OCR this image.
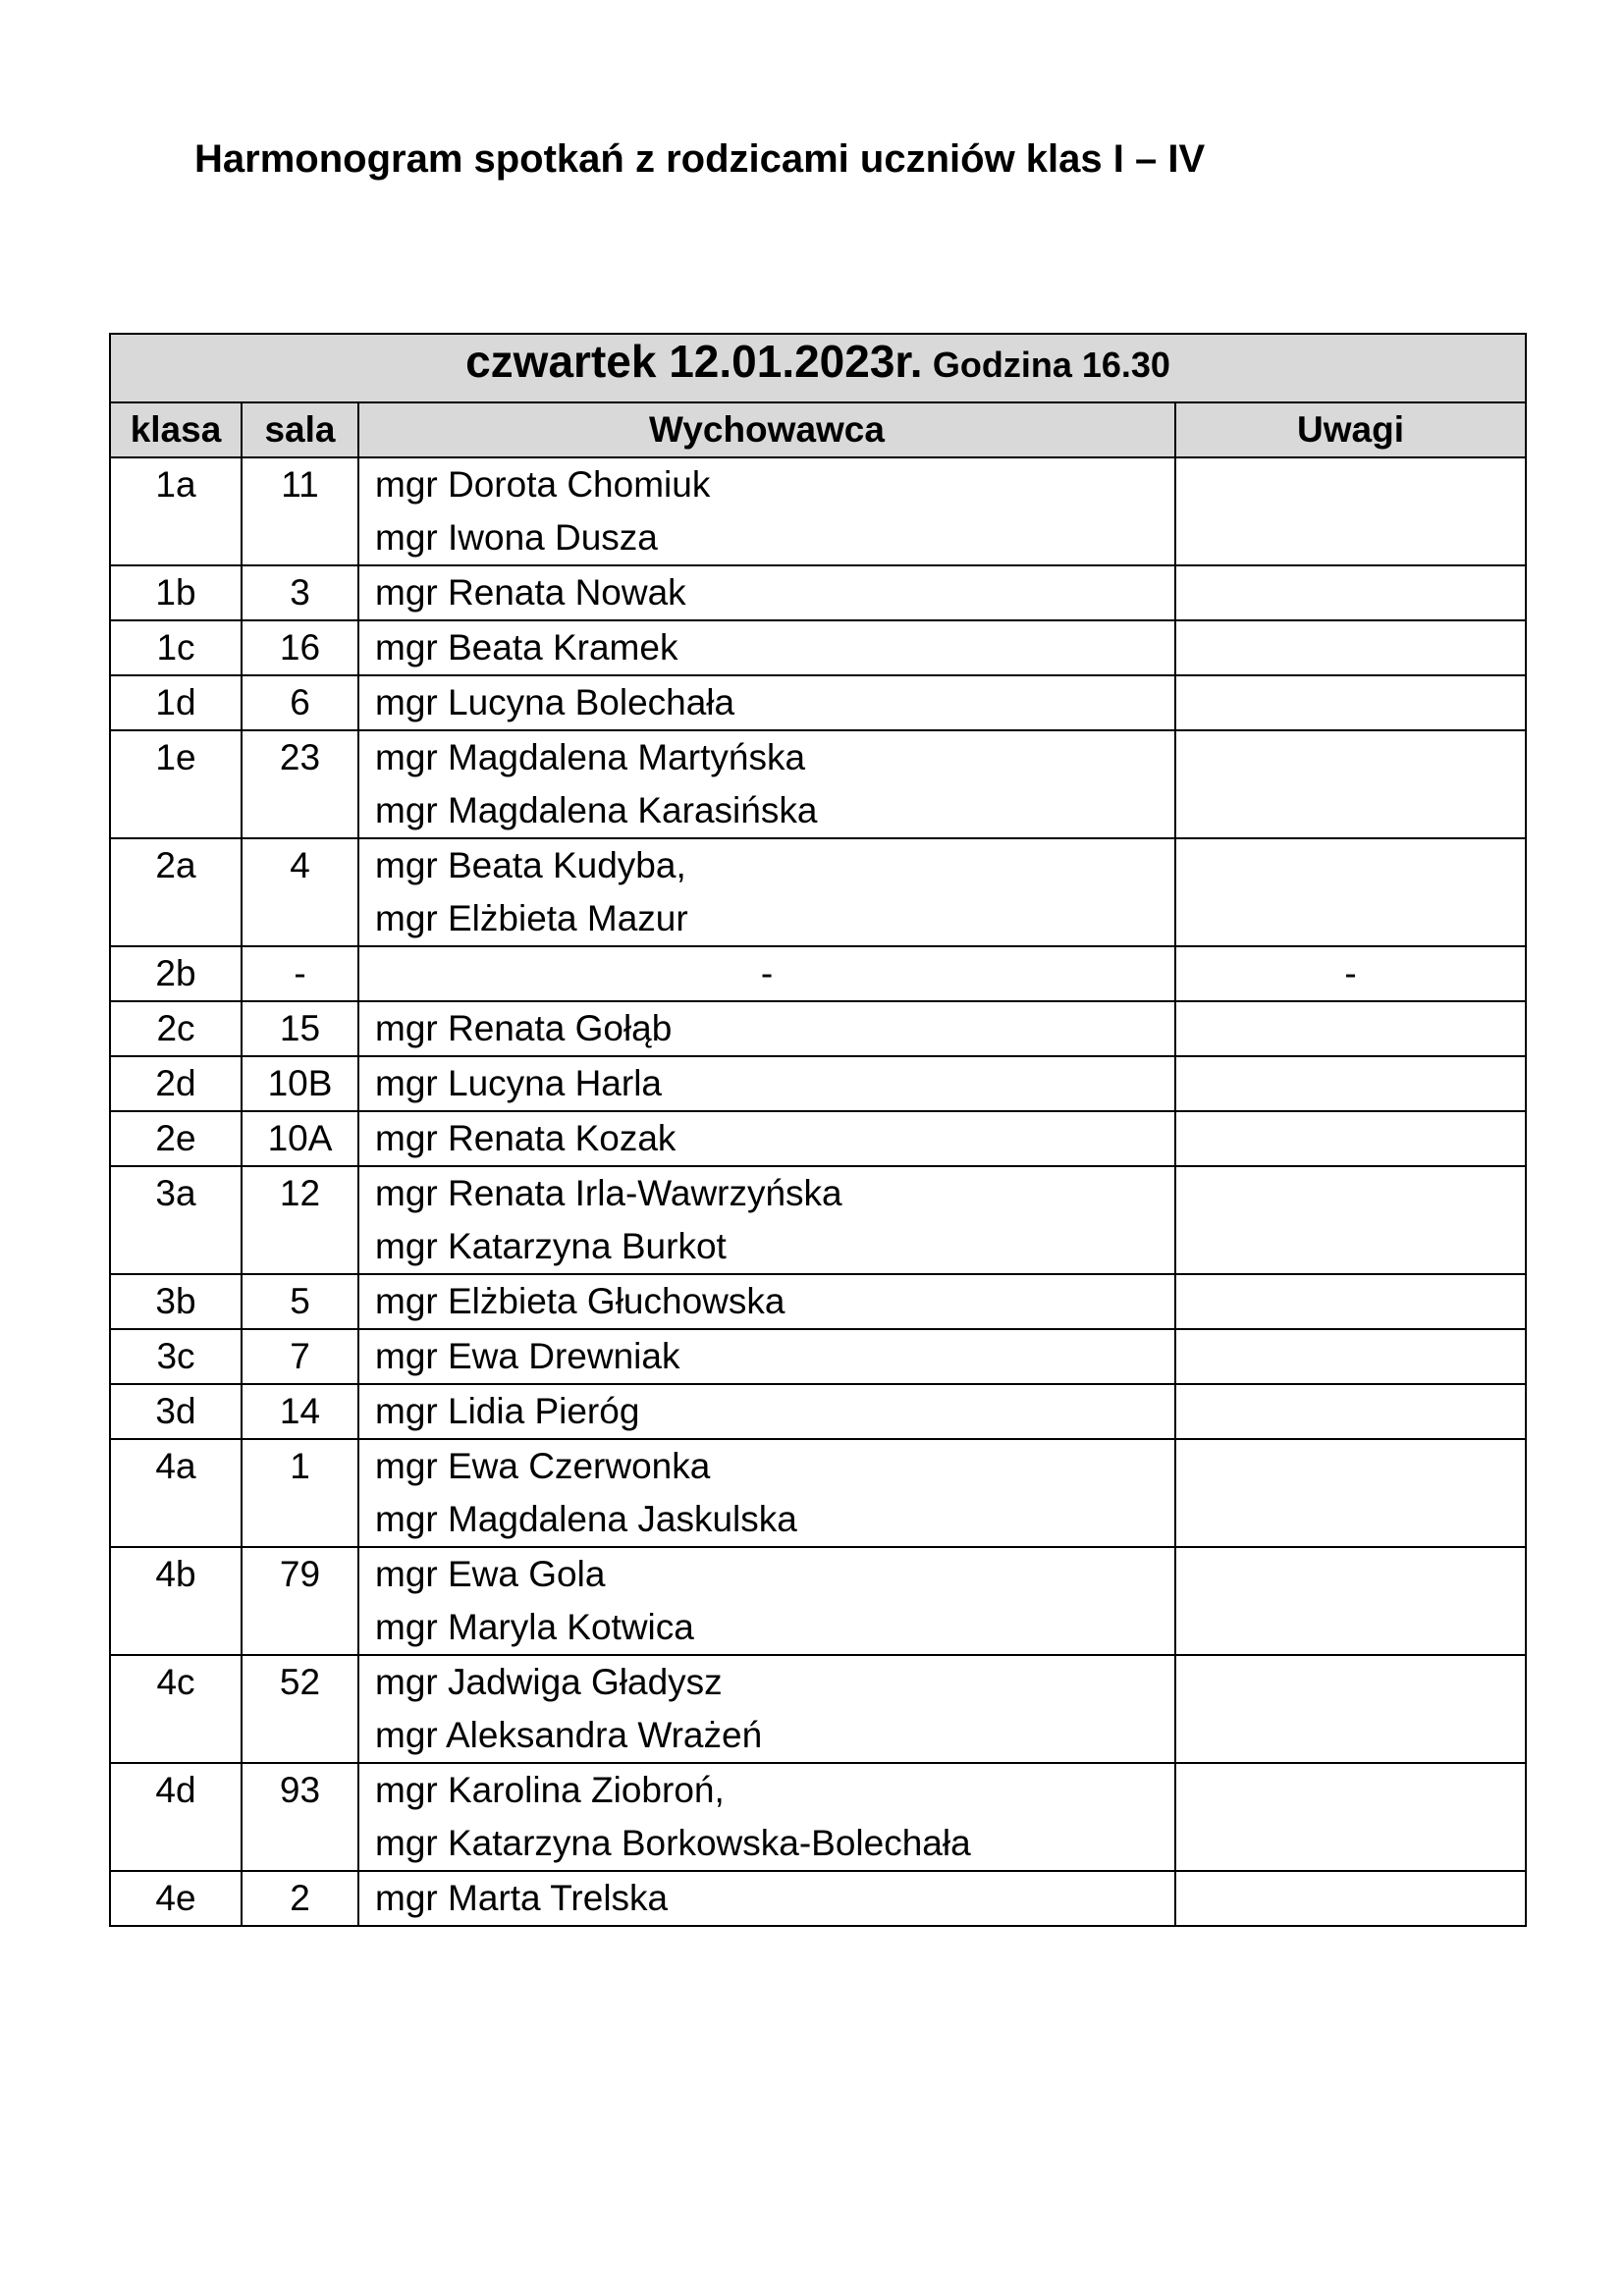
Harmonogram spotkań z rodzicami uczniów klas I – IV
czwartek 12.01.2023r. Godzina 16.30			
klasa	sala	Wychowawca	Uwagi
1a	11	mgr Dorota Chomiuk
mgr Iwona Dusza	

1b	3	mgr Renata Nowak	

1c	16	mgr Beata Kramek	

1d	6	mgr Lucyna Bolechała	

1e	23	mgr Magdalena Martyńska
mgr Magdalena Karasińska	

2a	4	mgr Beata Kudyba,
mgr Elżbieta Mazur	

2b	-	-	-
2c	15	mgr Renata Gołąb	

2d	10B	mgr Lucyna Harla	

2e	10A	mgr Renata Kozak	

3a	12	mgr Renata Irla-Wawrzyńska
mgr Katarzyna Burkot	

3b	5	mgr Elżbieta Głuchowska	

3c	7	mgr Ewa Drewniak	

3d	14	mgr Lidia Pieróg	

4a	1	mgr Ewa Czerwonka
mgr Magdalena Jaskulska	

4b	79	mgr Ewa Gola
mgr Maryla Kotwica	

4c	52	mgr Jadwiga Gładysz
mgr Aleksandra Wrażeń	

4d	93	mgr Karolina Ziobroń,
mgr Katarzyna Borkowska-Bolechała	

4e	2	mgr Marta Trelska	
